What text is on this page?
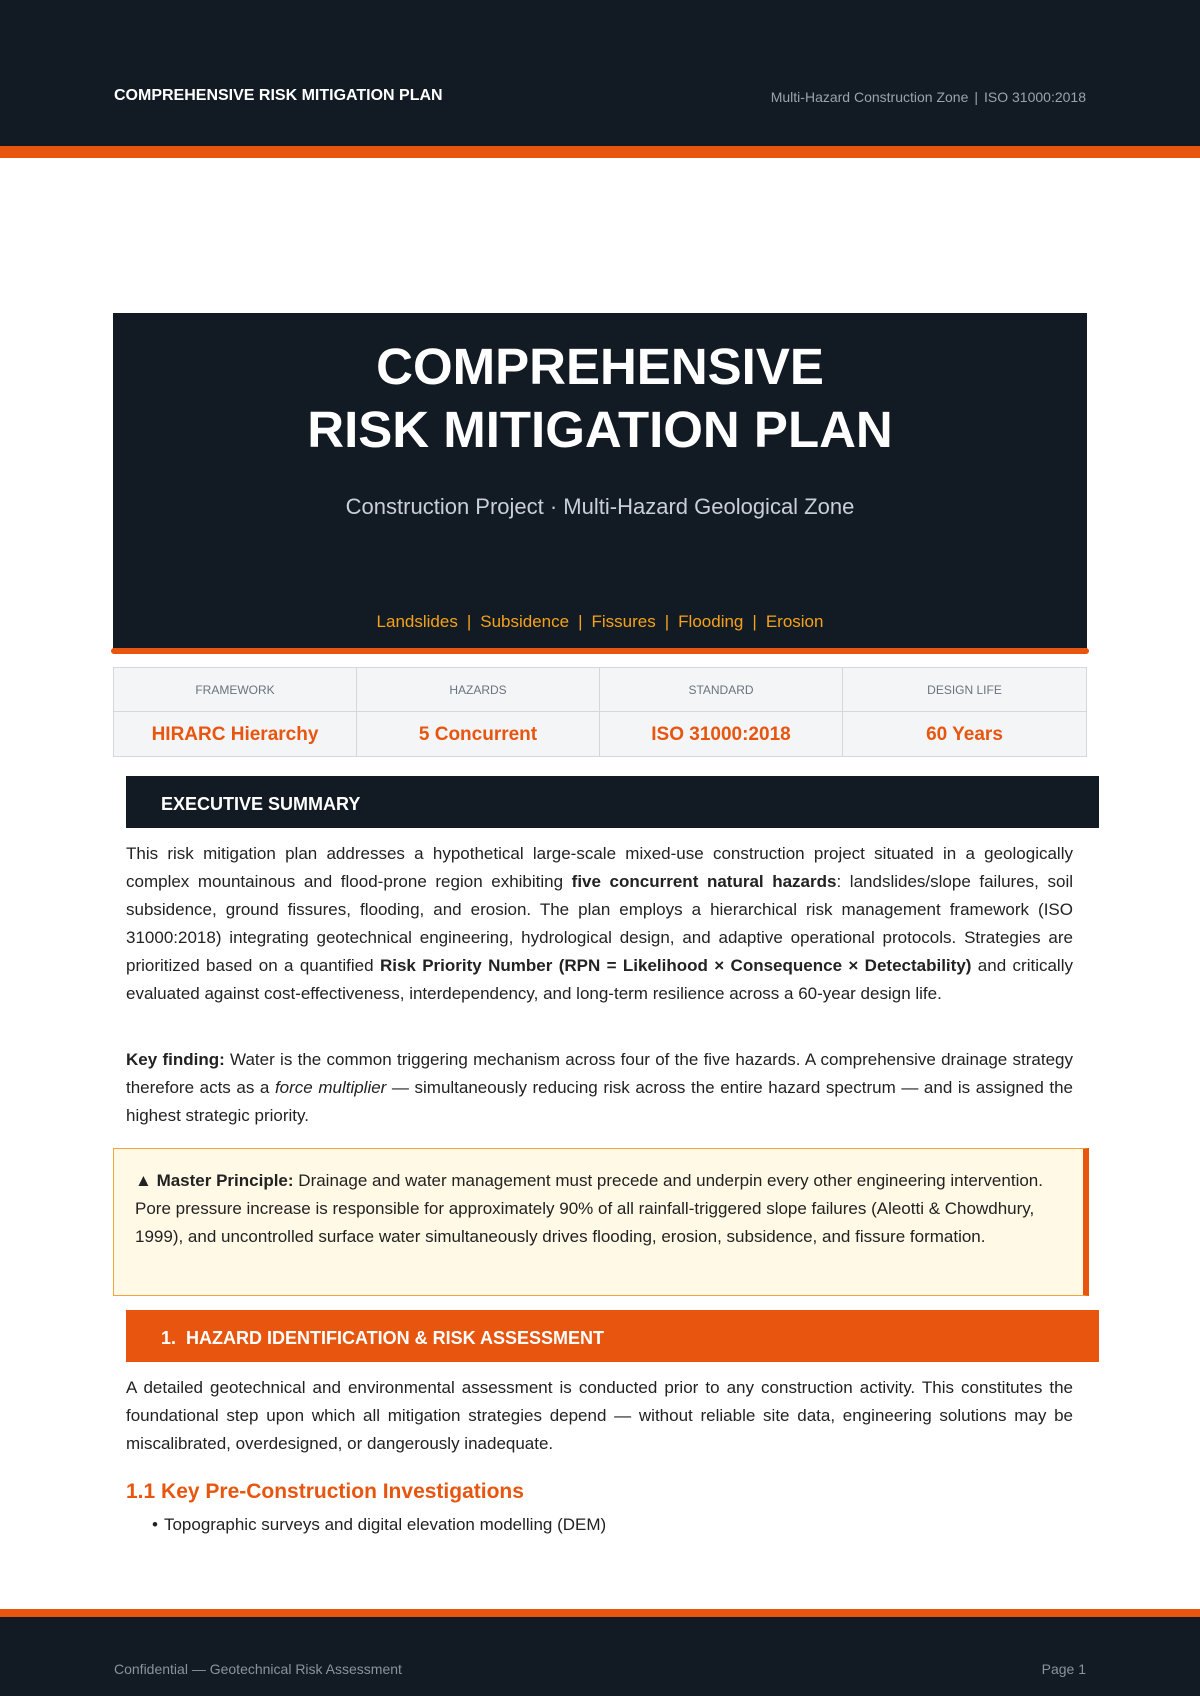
COMPREHENSIVE RISK MITIGATION PLAN	Multi-Hazard Construction Zone | ISO 31000:2018
COMPREHENSIVE
RISK MITIGATION PLAN
Construction Project · Multi-Hazard Geological Zone
Landslides | Subsidence | Fissures | Flooding | Erosion
FRAMEWORK
HIRARC Hierarchy
HAZARDS
5 Concurrent
STANDARD
ISO 31000:2018
DESIGN LIFE
60 Years
EXECUTIVE SUMMARY

This risk mitigation plan addresses a hypothetical large-scale mixed-use construction project situated in a geologically complex mountainous and flood-prone region exhibiting five concurrent natural hazards: landslides/slope failures, soil subsidence, ground fissures, flooding, and erosion. The plan employs a hierarchical risk management framework (ISO 31000:2018) integrating geotechnical engineering, hydrological design, and adaptive operational protocols. Strategies are prioritized based on a quantified Risk Priority Number (RPN = Likelihood × Consequence × Detectability) and critically evaluated against cost-effectiveness, interdependency, and long-term resilience across a 60-year design life.

Key finding: Water is the common triggering mechanism across four of the five hazards. A comprehensive drainage strategy therefore acts as a force multiplier — simultaneously reducing risk across the entire hazard spectrum — and is assigned the highest strategic priority.

▲ Master Principle: Drainage and water management must precede and underpin every other engineering intervention. Pore pressure increase is responsible for approximately 90% of all rainfall-triggered slope failures (Aleotti & Chowdhury, 1999), and uncontrolled surface water simultaneously drives flooding, erosion, subsidence, and fissure formation.
1. HAZARD IDENTIFICATION & RISK ASSESSMENT

A detailed geotechnical and environmental assessment is conducted prior to any construction activity. This constitutes the foundational step upon which all mitigation strategies depend — without reliable site data, engineering solutions may be miscalibrated, overdesigned, or dangerously inadequate.

1.1 Key Pre-Construction Investigations
• Topographic surveys and digital elevation modelling (DEM)
Confidential — Geotechnical Risk Assessment	Page 1
